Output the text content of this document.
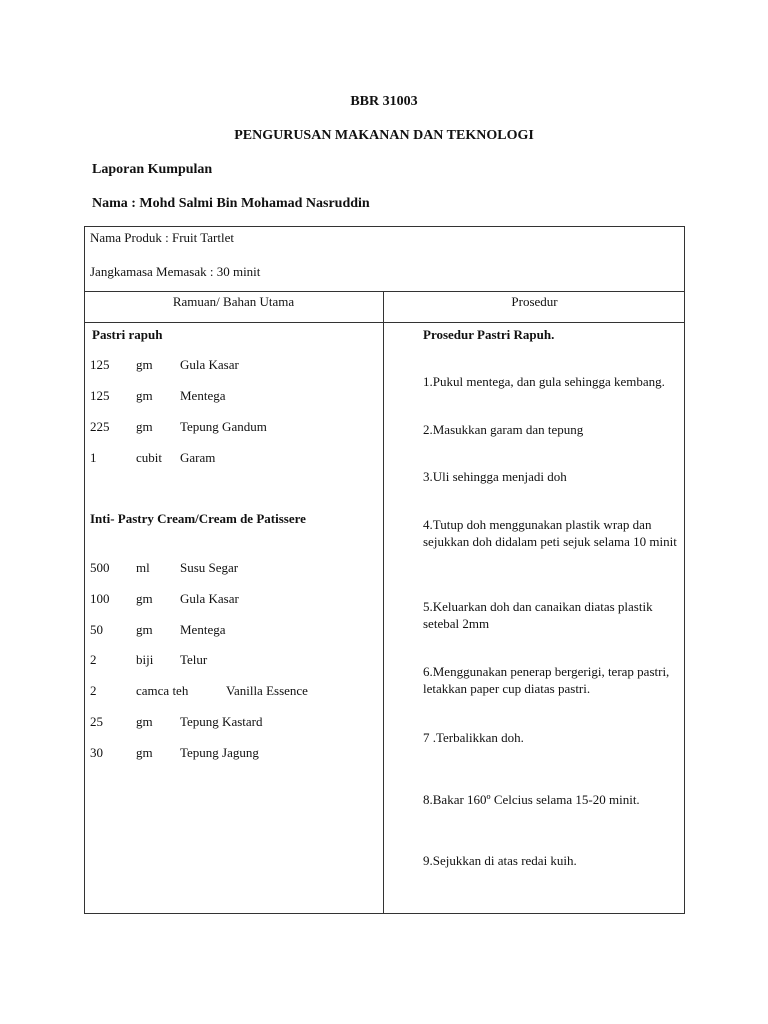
BBR 31003
PENGURUSAN MAKANAN DAN TEKNOLOGI
Laporan Kumpulan
Nama : Mohd Salmi Bin Mohamad Nasruddin
Nama Produk : Fruit Tartlet
Jangkamasa Memasak : 30 minit
Ramuan/ Bahan Utama	Prosedur
Pastri rapuh
125 gm Gula Kasar
125 gm Mentega
225 gm Tepung Gandum
1	cubit Garam
Inti- Pastry Cream/Cream de Patissere
500 ml Susu Segar
100 gm Gula Kasar
50	gm Mentega
2	biji Telur
2	camca teh	Vanilla Essence
25	gm Tepung Kastard
30	gm Tepung Jagung
Prosedur Pastri Rapuh.
1.Pukul mentega, dan gula sehingga kembang.
2.Masukkan garam dan tepung
3.Uli sehingga menjadi doh
4.Tutup doh menggunakan plastik wrap dan sejukkan doh didalam peti sejuk selama 10 minit
5.Keluarkan doh dan canaikan diatas plastik setebal 2mm
6.Menggunakan penerap bergerigi, terap pastri, letakkan paper cup diatas pastri.
7 .Terbalikkan doh.
8.Bakar 160º Celcius selama 15-20 minit.
9.Sejukkan di atas redai kuih.
